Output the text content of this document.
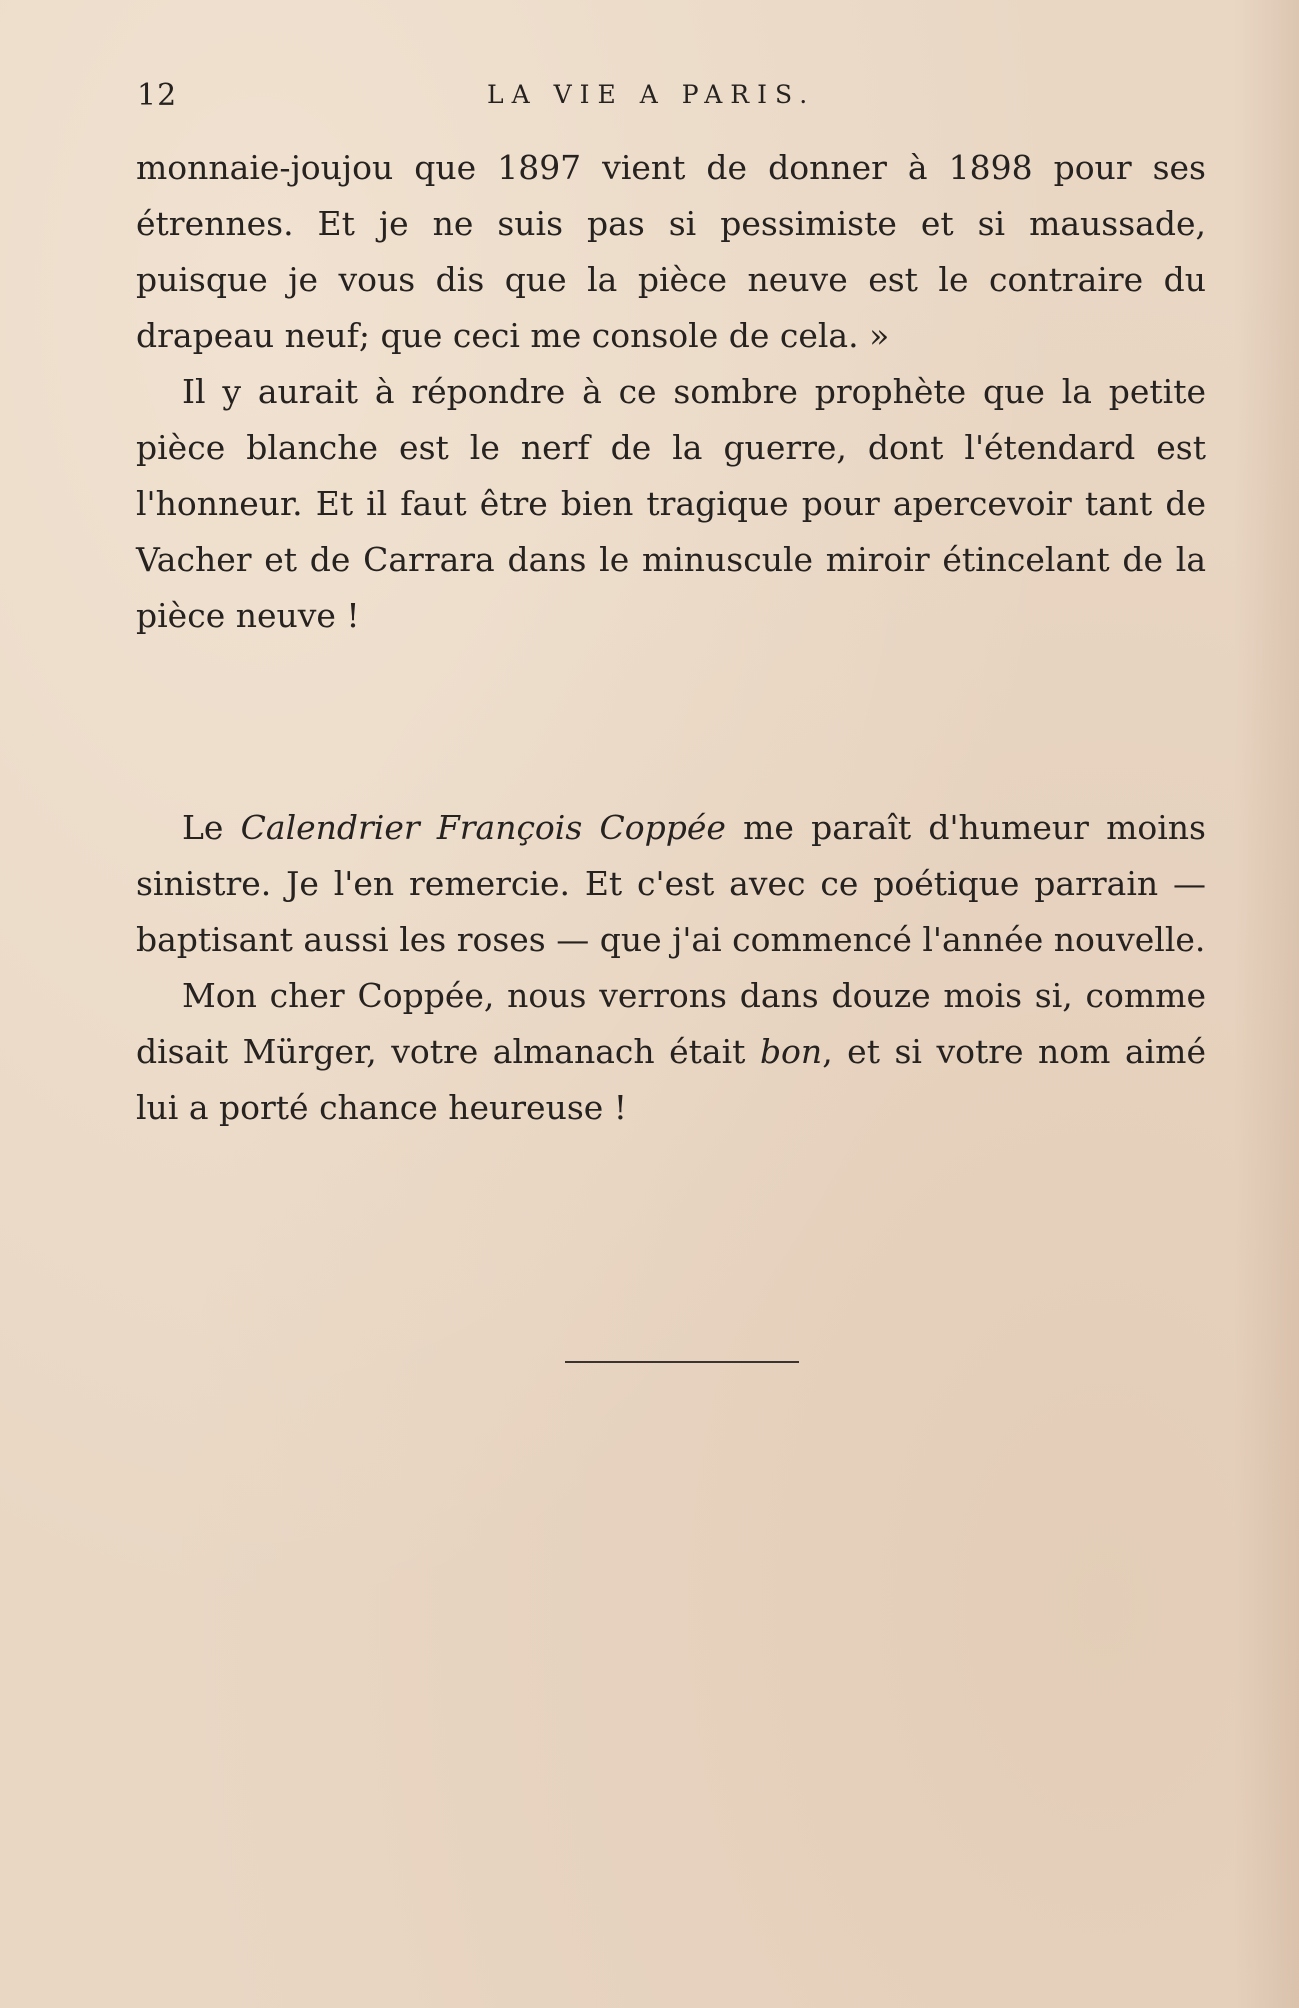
12	LA VIE A PARIS.

monnaie-joujou que 1897 vient de donner à 1898 pour ses étrennes. Et je ne suis pas si pessimiste et si maussade, puisque je vous dis que la pièce neuve est le contraire du drapeau neuf; que ceci me console de cela. »

Il y aurait à répondre à ce sombre prophète que la petite pièce blanche est le nerf de la guerre, dont l'étendard est l'honneur. Et il faut être bien tragique pour apercevoir tant de Vacher et de Carrara dans le minuscule miroir étincelant de la pièce neuve !

Le Calendrier François Coppée me paraît d'humeur moins sinistre. Je l'en remercie. Et c'est avec ce poétique parrain — baptisant aussi les roses — que j'ai commencé l'année nouvelle.

Mon cher Coppée, nous verrons dans douze mois si, comme disait Mürger, votre almanach était bon, et si votre nom aimé lui a porté chance heureuse !
